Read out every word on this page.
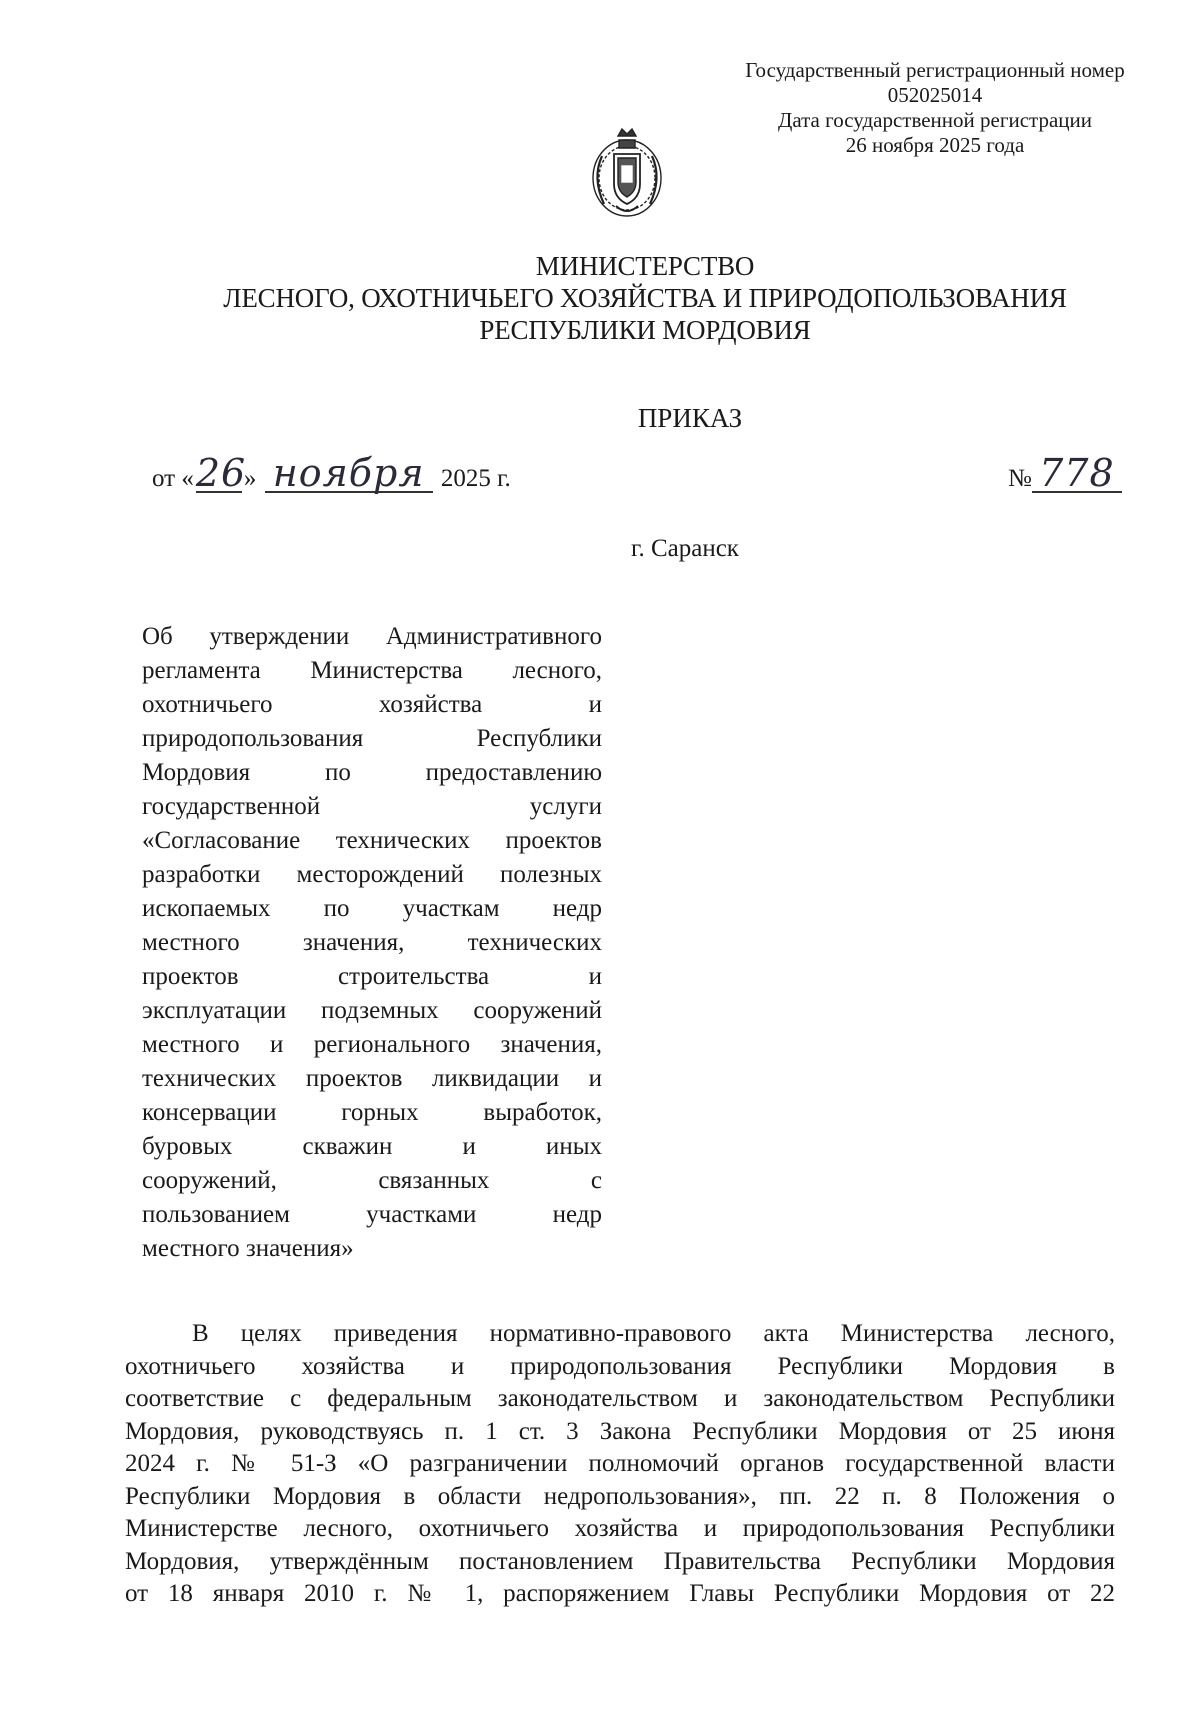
Государственный регистрационный номер
052025014
Дата государственной регистрации
26 ноября 2025 года
МИНИСТЕРСТВО
ЛЕСНОГО, ОХОТНИЧЬЕГО ХОЗЯЙСТВА И ПРИРОДОПОЛЬЗОВАНИЯ
РЕСПУБЛИКИ МОРДОВИЯ
ПРИКАЗ
от «26» ноября 2025 г.	№ 778
г. Саранск
Об утверждении Административного
регламента Министерства лесного,
охотничьего хозяйства и
природопользования Республики
Мордовия по предоставлению
государственной услуги
«Согласование технических проектов
разработки месторождений полезных
ископаемых по участкам недр
местного значения, технических
проектов строительства и
эксплуатации подземных сооружений
местного и регионального значения,
технических проектов ликвидации и
консервации горных выработок,
буровых скважин и иных
сооружений, связанных с
пользованием участками недр
местного значения»
В целях приведения нормативно-правового акта Министерства лесного,
охотничьего хозяйства и природопользования Республики Мордовия в
соответствие с федеральным законодательством и законодательством Республики
Мордовия, руководствуясь п. 1 ст. 3 Закона Республики Мордовия от 25 июня
2024 г. № 51-З «О разграничении полномочий органов государственной власти
Республики Мордовия в области недропользования», пп. 22 п. 8 Положения о
Министерстве лесного, охотничьего хозяйства и природопользования Республики
Мордовия, утверждённым постановлением Правительства Республики Мордовия
от 18 января 2010 г. № 1, распоряжением Главы Республики Мордовия от 22
